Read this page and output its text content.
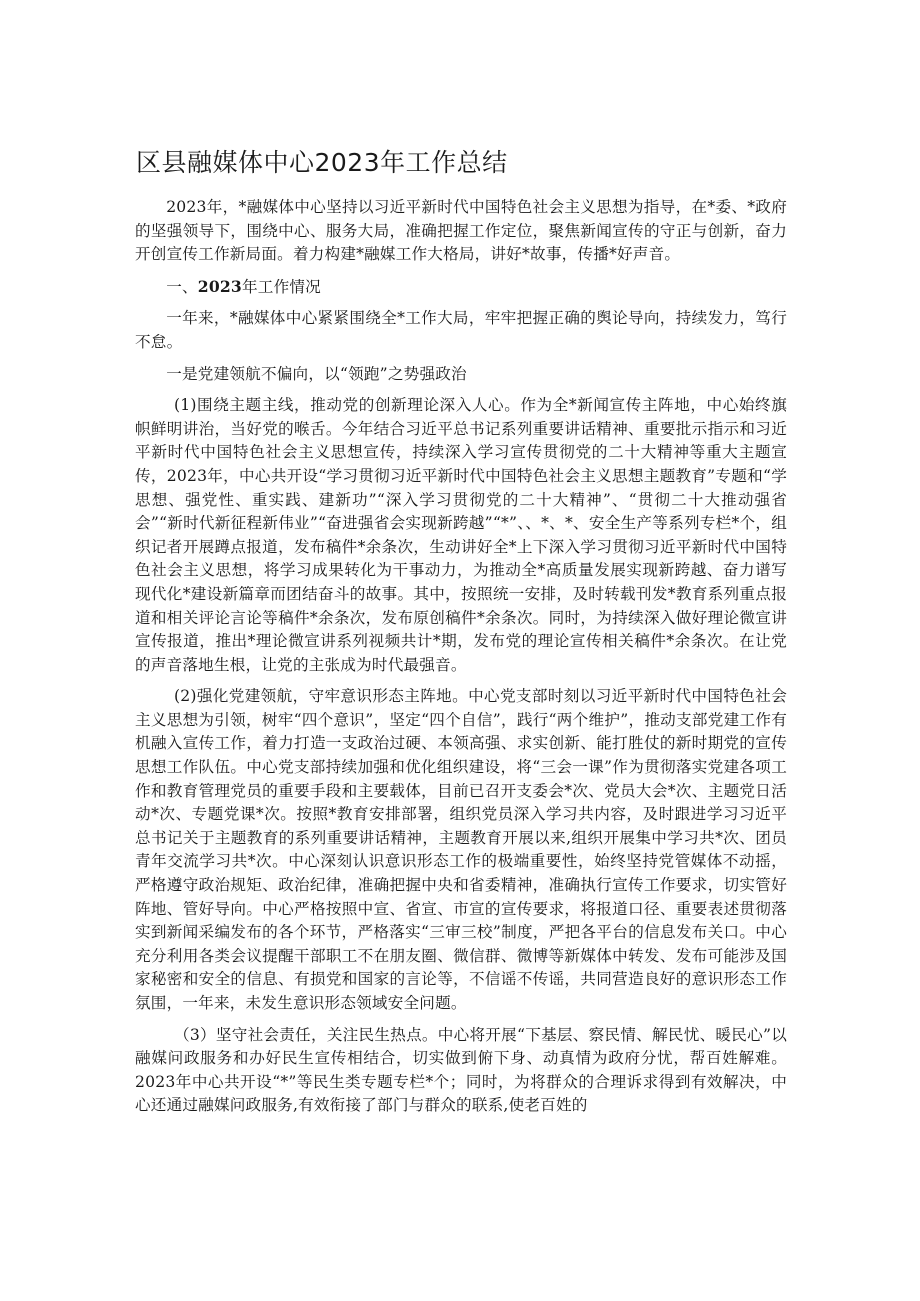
区县融媒体中心2023年工作总结

2023年，*融媒体中心坚持以习近平新时代中国特色社会主义思想为指导，在*委、*政府的坚强领导下，围绕中心、服务大局，准确把握工作定位，聚焦新闻宣传的守正与创新，奋力开创宣传工作新局面。着力构建*融媒工作大格局，讲好*故事，传播*好声音。

一、2023年工作情况

一年来，*融媒体中心紧紧围绕全*工作大局，牢牢把握正确的舆论导向，持续发力，笃行不怠。

一是党建领航不偏向，以“领跑”之势强政治

(1)围绕主题主线，推动党的创新理论深入人心。作为全*新闻宣传主阵地，中心始终旗帜鲜明讲治，当好党的喉舌。今年结合习近平总书记系列重要讲话精神、重要批示指示和习近平新时代中国特色社会主义思想宣传，持续深入学习宣传贯彻党的二十大精神等重大主题宣传，2023年，中心共开设“学习贯彻习近平新时代中国特色社会主义思想主题教育”专题和“学思想、强党性、重实践、建新功”“深入学习贯彻党的二十大精神”、“贯彻二十大推动强省会”“新时代新征程新伟业”“奋进强省会实现新跨越”“*”、、*、*、安全生产等系列专栏*个，组织记者开展蹲点报道，发布稿件*余条次，生动讲好全*上下深入学习贯彻习近平新时代中国特色社会主义思想，将学习成果转化为干事动力，为推动全*高质量发展实现新跨越、奋力谱写现代化*建设新篇章而团结奋斗的故事。其中，按照统一安排，及时转载刊发*教育系列重点报道和相关评论言论等稿件*余条次，发布原创稿件*余条次。同时，为持续深入做好理论微宣讲宣传报道，推出*理论微宣讲系列视频共计*期，发布党的理论宣传相关稿件*余条次。在让党的声音落地生根，让党的主张成为时代最强音。

(2)强化党建领航，守牢意识形态主阵地。中心党支部时刻以习近平新时代中国特色社会主义思想为引领，树牢“四个意识”，坚定“四个自信”，践行“两个维护”，推动支部党建工作有机融入宣传工作，着力打造一支政治过硬、本领高强、求实创新、能打胜仗的新时期党的宣传思想工作队伍。中心党支部持续加强和优化组织建设，将“三会一课”作为贯彻落实党建各项工作和教育管理党员的重要手段和主要载体，目前已召开支委会*次、党员大会*次、主题党日活动*次、专题党课*次。按照*教育安排部署，组织党员深入学习共内容，及时跟进学习习近平总书记关于主题教育的系列重要讲话精神，主题教育开展以来,组织开展集中学习共*次、团员青年交流学习共*次。中心深刻认识意识形态工作的极端重要性，始终坚持党管媒体不动摇，严格遵守政治规矩、政治纪律，准确把握中央和省委精神，准确执行宣传工作要求，切实管好阵地、管好导向。中心严格按照中宣、省宣、市宣的宣传要求，将报道口径、重要表述贯彻落实到新闻采编发布的各个环节，严格落实“三审三校”制度，严把各平台的信息发布关口。中心充分利用各类会议提醒干部职工不在朋友圈、微信群、微博等新媒体中转发、发布可能涉及国家秘密和安全的信息、有损党和国家的言论等，不信谣不传谣，共同营造良好的意识形态工作氛围，一年来，未发生意识形态领域安全问题。

（3）坚守社会责任，关注民生热点。中心将开展“下基层、察民情、解民忧、暖民心”以融媒问政服务和办好民生宣传相结合，切实做到俯下身、动真情为政府分忧，帮百姓解难。2023年中心共开设“*”等民生类专题专栏*个；同时，为将群众的合理诉求得到有效解决，中心还通过融媒问政服务,有效衔接了部门与群众的联系,使老百姓的
